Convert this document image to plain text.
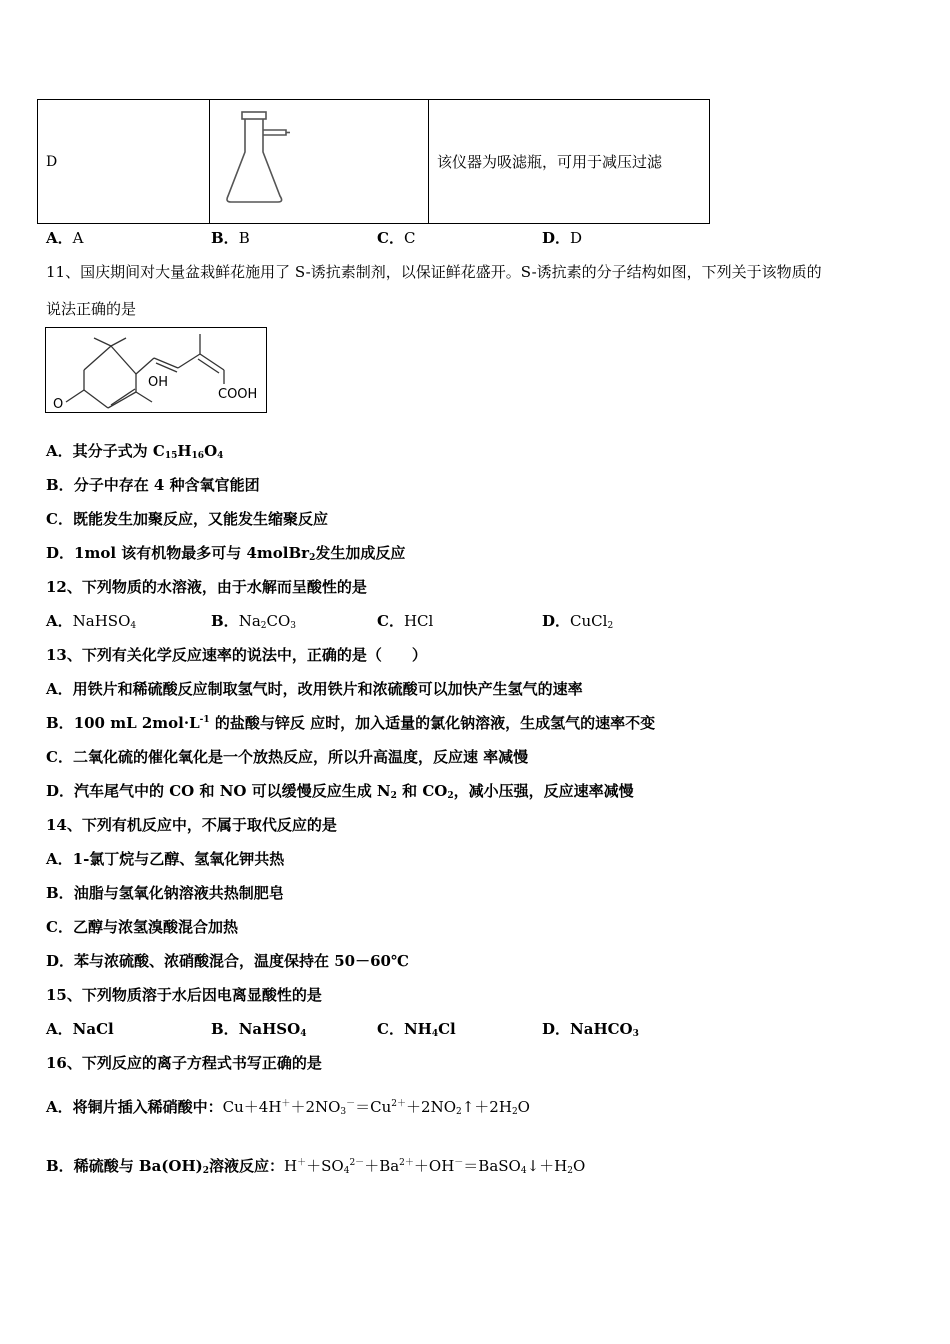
D		该仪器为吸滤瓶，可用于减压过滤
A．A	B．B	C．C	D．D
11、国庆期间对大量盆栽鲜花施用了 S-诱抗素制剂，以保证鲜花盛开。S-诱抗素的分子结构如图，下列关于该物质的
说法正确的是
OH
COOH
O
A．其分子式为 $C_{15}H_{16}O_4$
B．分子中存在 4 种含氧官能团
C．既能发生加聚反应，又能发生缩聚反应
D．1mol 该有机物最多可与 4molBr$_2$发生加成反应
12、下列物质的水溶液，由于水解而呈酸性的是
A．NaHSO$_4$	B．$Na_2CO_3$	C．HCl	D．CuCl$_2$
13、下列有关化学反应速率的说法中，正确的是（　　）
A．用铁片和稀硫酸反应制取氢气时，改用铁片和浓硫酸可以加快产生氢气的速率
B．100 mL $2mol\cdot L^{-1}$ 的盐酸与锌反 应时，加入适量的氯化钠溶液，生成氢气的速率不变
C．二氧化硫的催化氧化是一个放热反应，所以升高温度，反应速 率减慢
D．汽车尾气中的 CO 和 NO 可以缓慢反应生成 $N_2$ 和 $CO_2$，减小压强，反应速率减慢
14、下列有机反应中，不属于取代反应的是
A．1-氯丁烷与乙醇、氢氧化钾共热
B．油脂与氢氧化钠溶液共热制肥皂
C．乙醇与浓氢溴酸混合加热
D．苯与浓硫酸、浓硝酸混合，温度保持在 50－60℃
15、下列物质溶于水后因电离显酸性的是
A．NaCl	B．NaHSO$_4$	C．$NH_4Cl$	D．NaHCO$_3$
16、下列反应的离子方程式书写正确的是
A．将铜片插入稀硝酸中：$Cu+4H^++2NO_3^-=Cu^{2+}+2NO_2↑+2H_2O$
B．稀硫酸与 $Ba(OH)_2$溶液反应：$H^++SO_4^{2-}+Ba^{2+}+OH^-=BaSO_4↓+H_2O$
